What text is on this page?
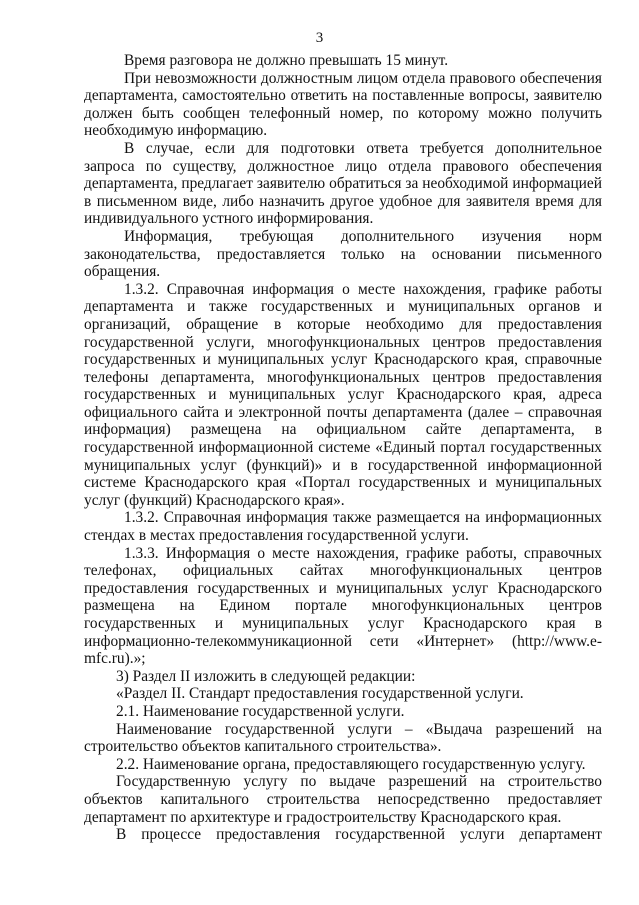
3
Время разговора не должно превышать 15 минут.
При невозможности должностным лицом отдела правового обеспечения
департамента, самостоятельно ответить на поставленные вопросы, заявителю
должен быть сообщен телефонный номер, по которому можно получить
необходимую информацию.
В случае, если для подготовки ответа требуется дополнительное
запроса по существу, должностное лицо отдела правового обеспечения
департамента, предлагает заявителю обратиться за необходимой информацией
в письменном виде, либо назначить другое удобное для заявителя время для
индивидуального устного информирования.
Информация, требующая дополнительного изучения норм
законодательства, предоставляется только на основании письменного
обращения.
1.3.2. Справочная информация о месте нахождения, графике работы
департамента и также государственных и муниципальных органов и
организаций, обращение в которые необходимо для предоставления
государственной услуги, многофункциональных центров предоставления
государственных и муниципальных услуг Краснодарского края, справочные
телефоны департамента, многофункциональных центров предоставления
государственных и муниципальных услуг Краснодарского края, адреса
официального сайта и электронной почты департамента (далее – справочная
информация) размещена на официальном сайте департамента, в
государственной информационной системе «Единый портал государственных
муниципальных услуг (функций)» и в государственной информационной
системе Краснодарского края «Портал государственных и муниципальных
услуг (функций) Краснодарского края».
1.3.2. Справочная информация также размещается на информационных
стендах в местах предоставления государственной услуги.
1.3.3. Информация о месте нахождения, графике работы, справочных
телефонах, официальных сайтах многофункциональных центров
предоставления государственных и муниципальных услуг Краснодарского
размещена на Едином портале многофункциональных центров
государственных и муниципальных услуг Краснодарского края в
информационно-телекоммуникационной сети «Интернет» (http://www.e-
mfc.ru).»;
3) Раздел II изложить в следующей редакции:
«Раздел II. Стандарт предоставления государственной услуги.
2.1. Наименование государственной услуги.
Наименование государственной услуги – «Выдача разрешений на
строительство объектов капитального строительства».
2.2. Наименование органа, предоставляющего государственную услугу.
Государственную услугу по выдаче разрешений на строительство
объектов капитального строительства непосредственно предоставляет
департамент по архитектуре и градостроительству Краснодарского края.
В процессе предоставления государственной услуги департамент
